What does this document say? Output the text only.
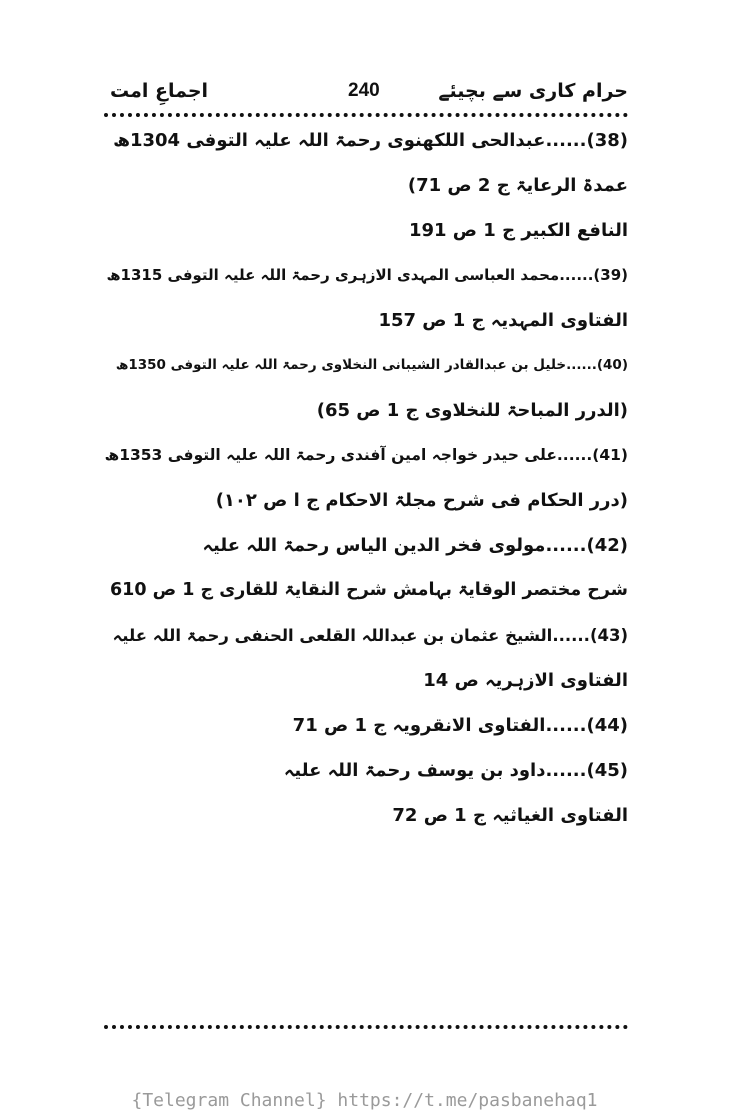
حرام کاری سے بچیئے
240
اجماعِ امت
(38)......عبدالحی اللکھنوی رحمۃ اللہ علیہ التوفی 1304ھ
عمدۃ الرعایۃ ج 2 ص 71)
النافع الکبیر ج 1 ص 191
(39)......محمد العباسی المہدی الازہری رحمۃ اللہ علیہ التوفی 1315ھ
الفتاوی المہدیہ ج 1 ص 157
(40)......خلیل بن عبدالقادر الشیبانی النخلاوی رحمۃ اللہ علیہ التوفی 1350ھ
(الدرر المباحۃ للنخلاوی ج 1 ص 65)
(41)......علی حیدر خواجہ امین آفندی رحمۃ اللہ علیہ التوفی 1353ھ
(درر الحکام فی شرح مجلۃ الاحکام ج ا ص ۱۰۲)
(42)......مولوی فخر الدین الیاس رحمۃ اللہ علیہ
شرح مختصر الوقایۃ بہامش شرح النقایۃ للقاری ج 1 ص 610
(43)......الشیخ عثمان بن عبداللہ القلعی الحنفی رحمۃ اللہ علیہ
الفتاوی الازہریہ ص 14
(44)......الفتاوی الانقرویہ ج 1 ص 71
(45)......داود بن یوسف رحمۃ اللہ علیہ
الفتاوی الغیاثیہ ج 1 ص 72
{Telegram Channel} https://t.me/pasbanehaq1
